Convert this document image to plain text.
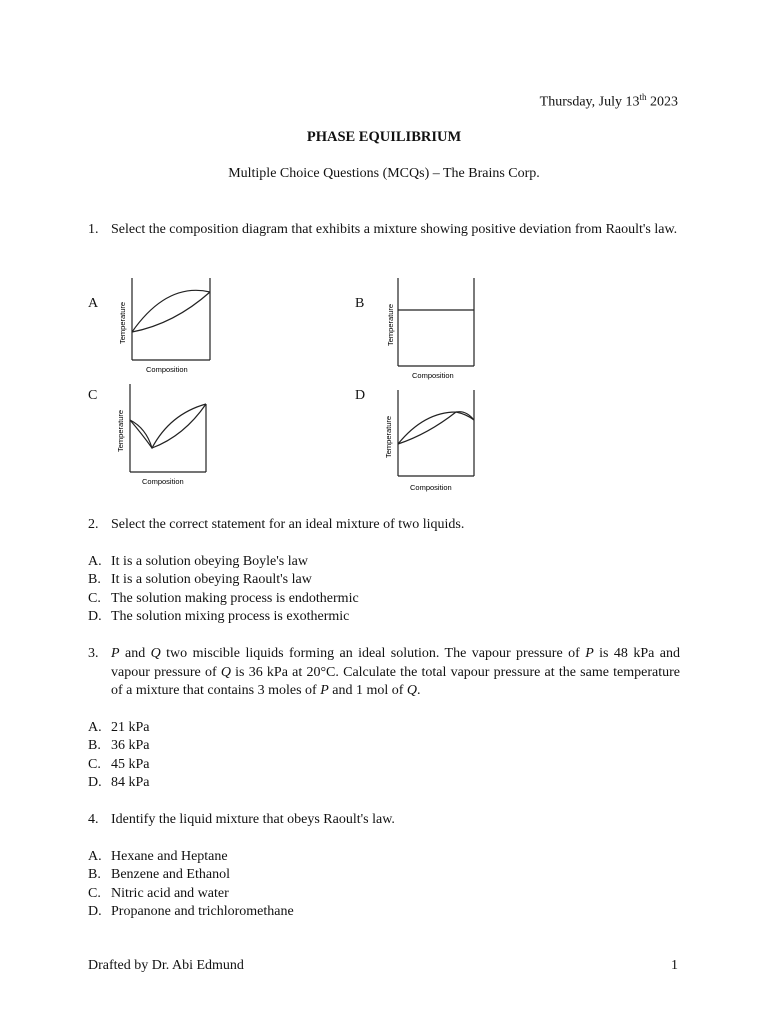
Thursday, July 13th 2023
PHASE EQUILIBRIUM
Multiple Choice Questions (MCQs) – The Brains Corp.
1. Select the composition diagram that exhibits a mixture showing positive deviation from Raoult's law.
A	B
C	D
Temperature
Composition
Temperature
Composition
Temperature
Composition
Temperature
Composition
2. Select the correct statement for an ideal mixture of two liquids.
A. It is a solution obeying Boyle's law
B. It is a solution obeying Raoult's law
C. The solution making process is endothermic
D. The solution mixing process is exothermic
3. P and Q two miscible liquids forming an ideal solution. The vapour pressure of P is 48 kPa and vapour pressure of Q is 36 kPa at 20°C. Calculate the total vapour pressure at the same temperature of a mixture that contains 3 moles of P and 1 mol of Q.
A. 21 kPa
B. 36 kPa
C. 45 kPa
D. 84 kPa
4. Identify the liquid mixture that obeys Raoult's law.
A. Hexane and Heptane
B. Benzene and Ethanol
C. Nitric acid and water
D. Propanone and trichloromethane
Drafted by Dr. Abi Edmund	1
